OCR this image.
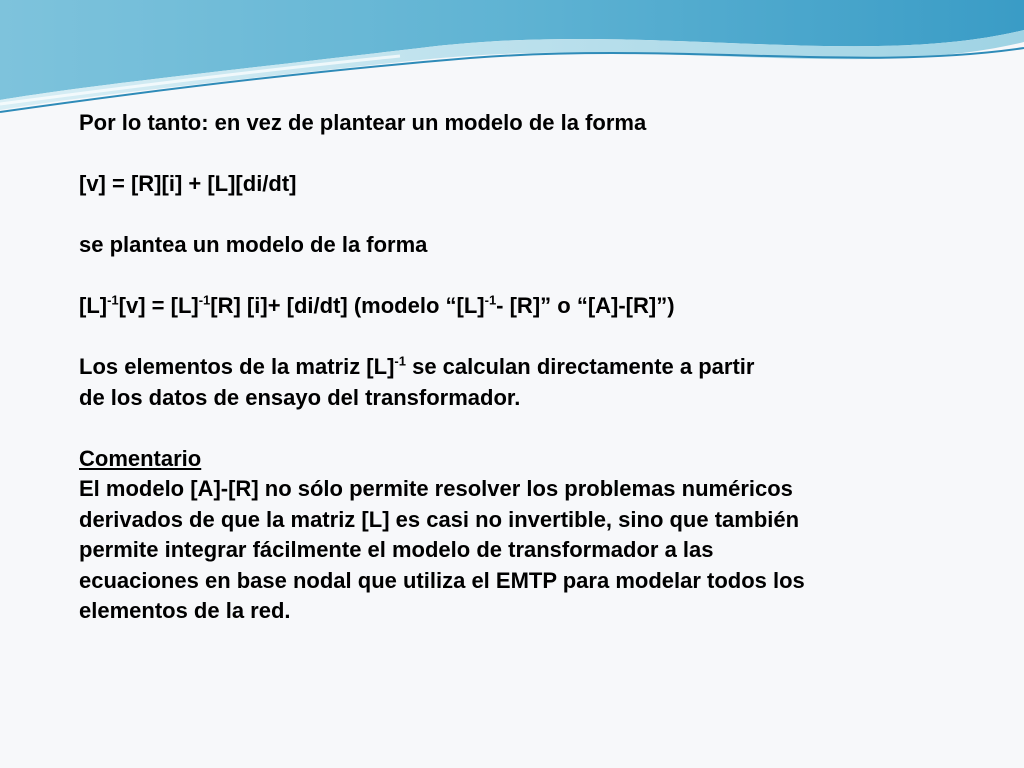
Por lo tanto: en vez de plantear un modelo de la forma
[v] = [R][i] + [L][di/dt]
se plantea un modelo de la forma
$[L]^{-1}[v] = [L]^{-1}[R]$ [i]+ [di/dt] (modelo “$[L]^{-1}-$ [R]” o “[A]-[R]”)
Los elementos de la matriz $[L]^{-1}$ se calculan directamente a partir
de los datos de ensayo del transformador.
Comentario
El modelo [A]-[R] no sólo permite resolver los problemas numéricos
derivados de que la matriz [L] es casi no invertible, sino que también
permite integrar fácilmente el modelo de transformador a las
ecuaciones en base nodal que utiliza el EMTP para modelar todos los
elementos de la red.
